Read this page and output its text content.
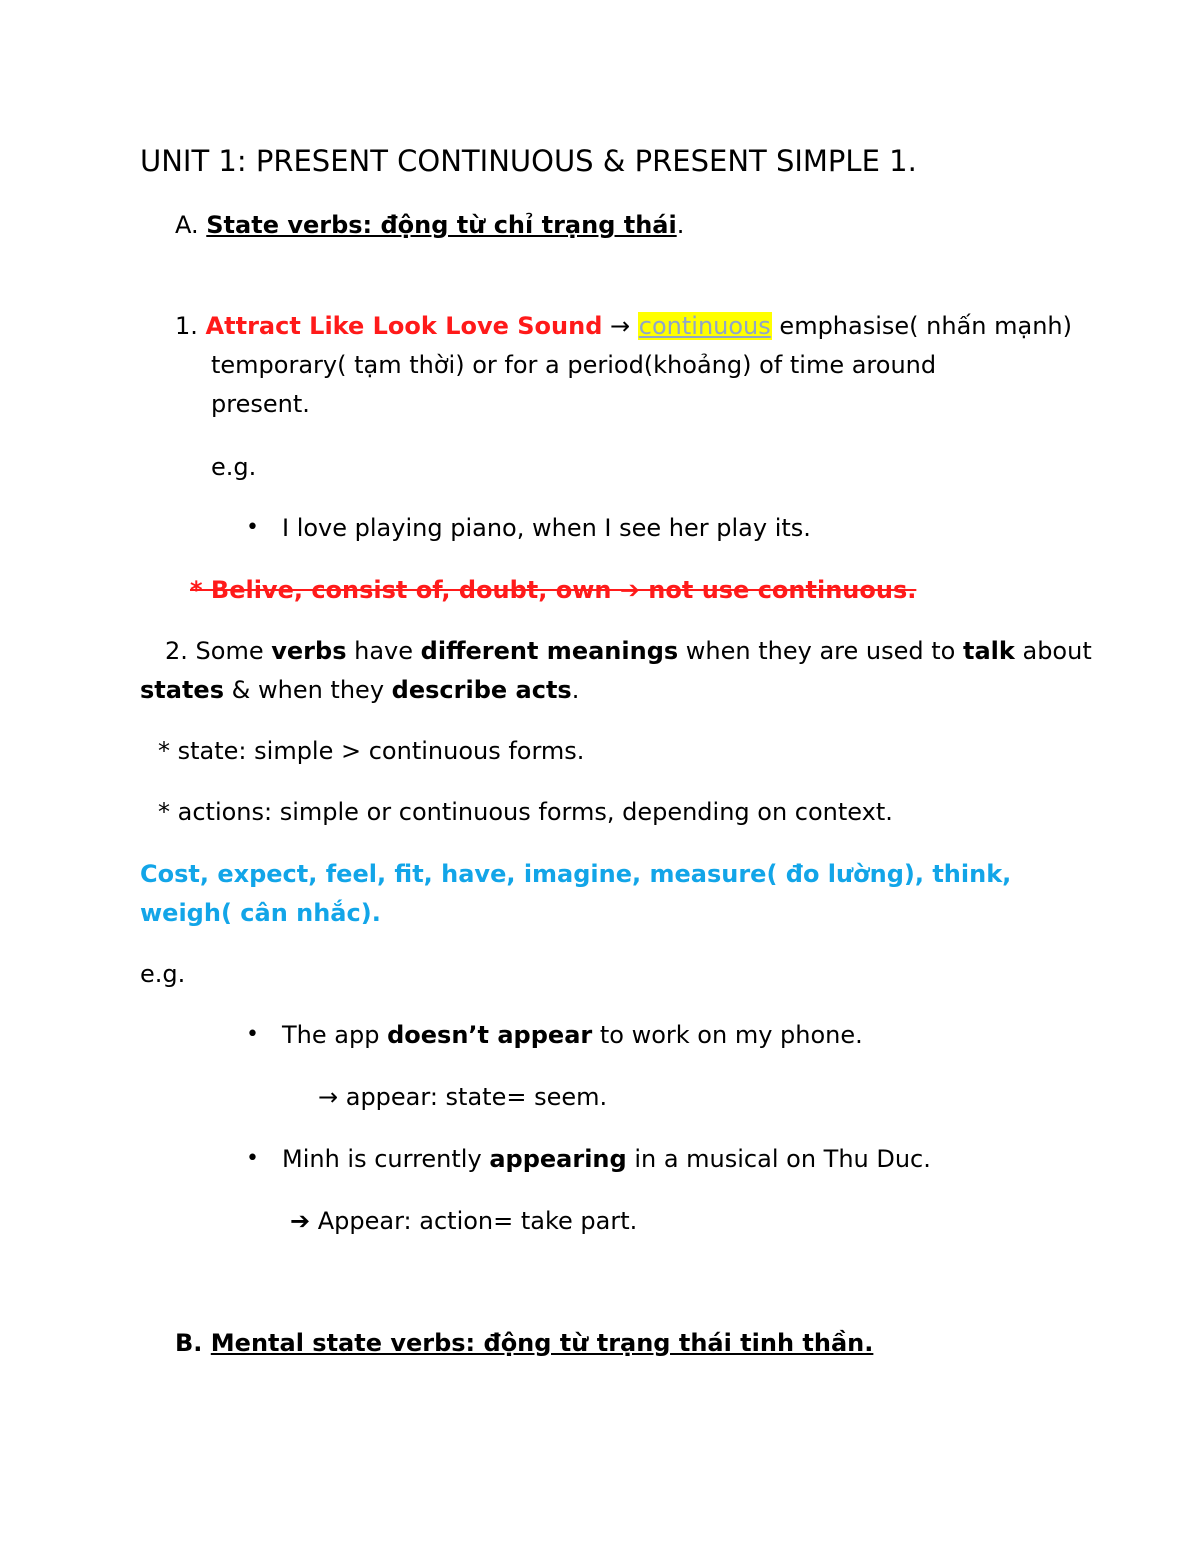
UNIT 1: PRESENT CONTINUOUS & PRESENT SIMPLE 1.
A. State verbs: động từ chỉ trạng thái.
1. Attract Like Look Love Sound → continuous emphasise( nhấn mạnh)
temporary( tạm thời) or for a period(khoảng) of time around
present.
e.g.
• I love playing piano, when I see her play its.
* Belive, consist of, doubt, own ➔ not use continuous.
2. Some verbs have different meanings when they are used to talk about
states & when they describe acts.
* state: simple > continuous forms.
* actions: simple or continuous forms, depending on context.
Cost, expect, feel, fit, have, imagine, measure( đo lường), think,
weigh( cân nhắc).
e.g.
• The app doesn’t appear to work on my phone.
→ appear: state= seem.
• Minh is currently appearing in a musical on Thu Duc.
➔ Appear: action= take part.
B. Mental state verbs: động từ trạng thái tinh thần.
